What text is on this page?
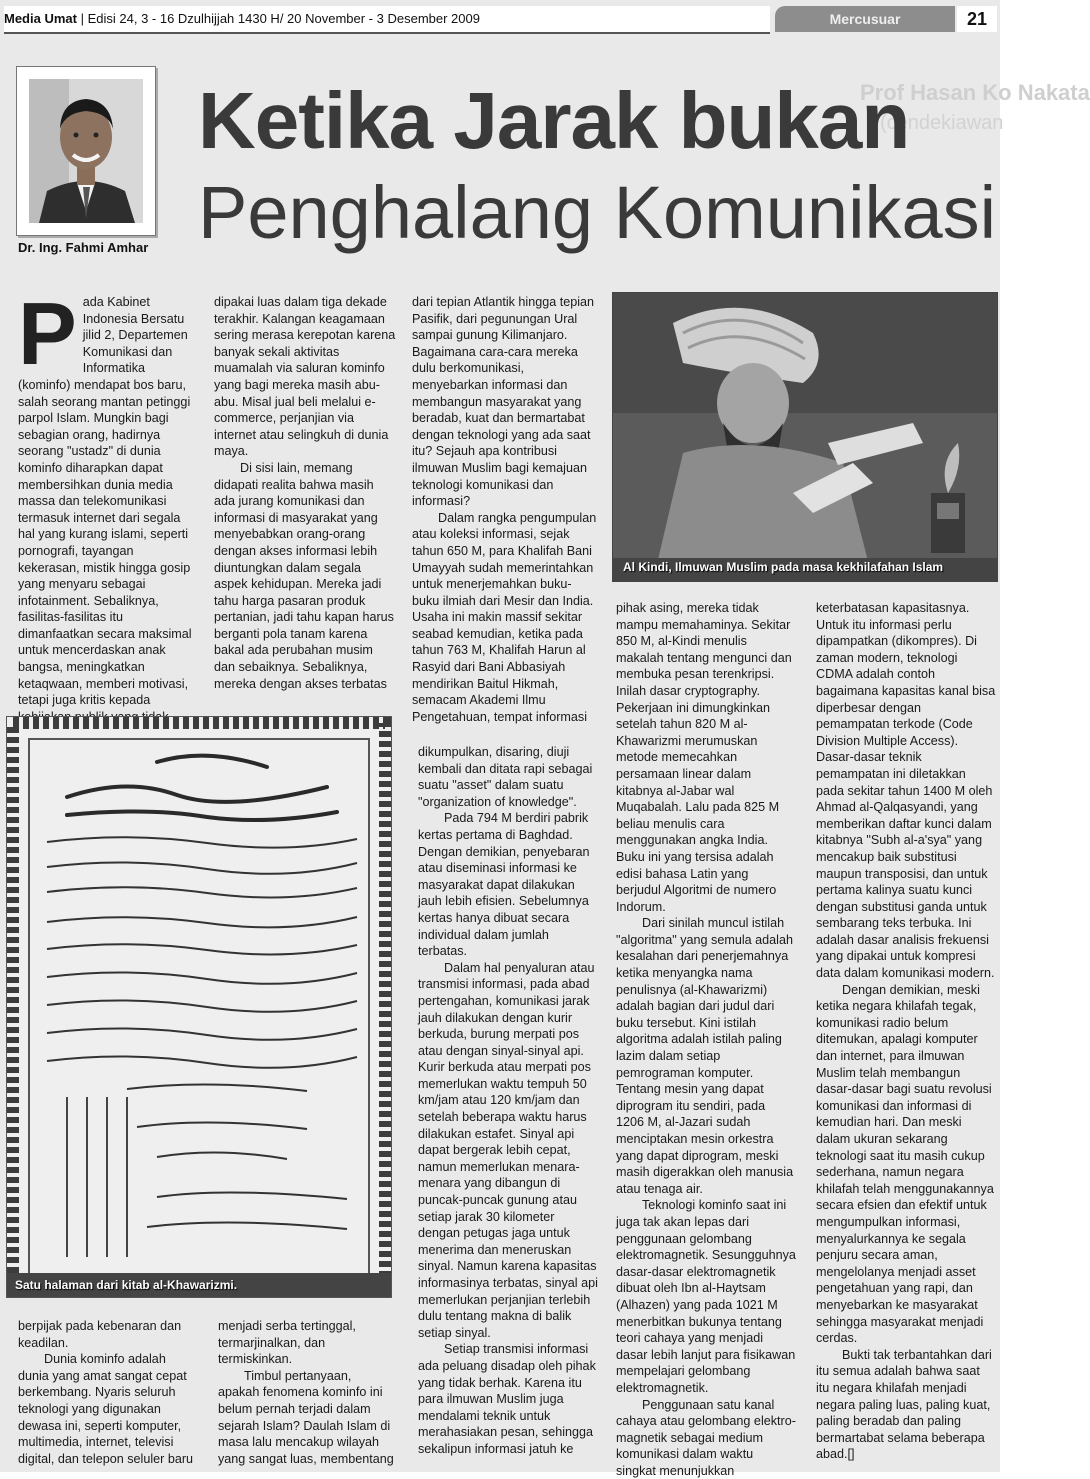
Media Umat | Edisi 24, 3 - 16 Dzulhijjah 1430 H/ 20 November - 3 Desember 2009	Mercusuar	21
Prof Hasan Ko Nakata
(cendekiawan
Dr. Ing. Fahmi Amhar
Ketika Jarak bukan
Penghalang Komunikasi
P ada Kabinet Indonesia Bersatu jilid 2, Departemen Komunikasi dan Informatika (kominfo) mendapat bos baru, salah seorang mantan petinggi parpol Islam. Mungkin bagi sebagian orang, hadirnya seorang "ustadz" di dunia kominfo diharapkan dapat membersihkan dunia media massa dan telekomunikasi termasuk internet dari segala hal yang kurang islami, seperti pornografi, tayangan kekerasan, mistik hingga gosip yang menyaru sebagai infotainment. Sebaliknya, fasilitas-fasilitas itu dimanfaatkan secara maksimal untuk mencerdaskan anak bangsa, meningkatkan ketaqwaan, memberi motivasi, tetapi juga kritis kepada

dipakai luas dalam tiga dekade terakhir. Kalangan keagamaan sering merasa kerepotan karena banyak sekali aktivitas muamalah via saluran kominfo yang bagi mereka masih abu-abu. Misal jual beli melalui e-commerce, perjanjian via internet atau selingkuh di dunia maya.

Di sisi lain, memang didapati realita bahwa masih ada jurang komunikasi dan informasi di masyarakat yang menyebabkan orang-orang dengan akses informasi lebih diuntungkan dalam segala aspek kehidupan. Mereka jadi tahu harga pasaran produk pertanian, jadi tahu kapan harus berganti pola tanam karena bakal ada perubahan musim dan sebaiknya. Sebaliknya, mereka dengan akses terbatas

dari tepian Atlantik hingga tepian Pasifik, dari pegunungan Ural sampai gunung Kilimanjaro. Bagaimana cara-cara mereka dulu berkomunikasi, menyebarkan informasi dan membangun masyarakat yang beradab, kuat dan bermartabat dengan teknologi yang ada saat itu? Sejauh apa kontribusi ilmuwan Muslim bagi kemajuan teknologi komunikasi dan informasi?

Dalam rangka pengumpulan atau koleksi informasi, sejak tahun 650 M, para Khalifah Bani Umayyah sudah memerintahkan untuk menerjemahkan buku-buku ilmiah dari Mesir dan India. Usaha ini makin massif sekitar seabad kemudian, ketika pada tahun 763 M, Khalifah Harun al Rasyid dari Bani Abbasiyah mendirikan Baitul Hikmah, semacam Akademi Ilmu Pengetahuan, tempat informasi

Al Kindi, Ilmuwan Muslim pada masa kekhilafahan Islam
Satu halaman dari kitab al-Khawarizmi.

berpijak pada kebenaran dan keadilan.

Dunia kominfo adalah dunia yang amat sangat cepat berkembang. Nyaris seluruh teknologi yang digunakan dewasa ini, seperti komputer, multimedia, internet, televisi digital, dan telepon seluler baru

menjadi serba tertinggal, termarjinalkan, dan termiskinkan.

Timbul pertanyaan, apakah fenomena kominfo ini belum pernah terjadi dalam sejarah Islam? Daulah Islam di masa lalu mencakup wilayah yang sangat luas, membentang

dikumpulkan, disaring, diuji kembali dan ditata rapi sebagai suatu "asset" dalam suatu "organization of knowledge".

Pada 794 M berdiri pabrik kertas pertama di Baghdad. Dengan demikian, penyebaran atau diseminasi informasi ke masyarakat dapat dilakukan jauh lebih efisien. Sebelumnya kertas hanya dibuat secara individual dalam jumlah terbatas.

Dalam hal penyaluran atau transmisi informasi, pada abad pertengahan, komunikasi jarak jauh dilakukan dengan kurir berkuda, burung merpati pos atau dengan sinyal-sinyal api. Kurir berkuda atau merpati pos memerlukan waktu tempuh 50 km/jam atau 120 km/jam dan setelah beberapa waktu harus dilakukan estafet. Sinyal api dapat bergerak lebih cepat, namun memerlukan menara-menara yang dibangun di puncak-puncak gunung atau setiap jarak 30 kilometer dengan petugas jaga untuk menerima dan meneruskan sinyal. Namun karena kapasitas informasinya terbatas, sinyal api memerlukan perjanjian terlebih dulu tentang makna di balik setiap sinyal.

Setiap transmisi informasi ada peluang disadap oleh pihak yang tidak berhak. Karena itu para ilmuwan Muslim juga mendalami teknik untuk merahasiakan pesan, sehingga sekalipun informasi jatuh ke

pihak asing, mereka tidak mampu memahaminya. Sekitar 850 M, al-Kindi menulis makalah tentang mengunci dan membuka pesan terenkripsi. Inilah dasar cryptography. Pekerjaan ini dimungkinkan setelah tahun 820 M al-Khawarizmi merumuskan metode memecahkan persamaan linear dalam kitabnya al-Jabar wal Muqabalah. Lalu pada 825 M beliau menulis cara menggunakan angka India. Buku ini yang tersisa adalah edisi bahasa Latin yang berjudul Algoritmi de numero Indorum.

Dari sinilah muncul istilah "algoritma" yang semula adalah kesalahan dari penerjemahnya ketika menyangka nama penulisnya (al-Khawarizmi) adalah bagian dari judul dari buku tersebut. Kini istilah algoritma adalah istilah paling lazim dalam setiap pemrograman komputer. Tentang mesin yang dapat diprogram itu sendiri, pada 1206 M, al-Jazari sudah menciptakan mesin orkestra yang dapat diprogram, meski masih digerakkan oleh manusia atau tenaga air.

Teknologi kominfo saat ini juga tak akan lepas dari penggunaan gelombang elektromagnetik. Sesungguhnya dasar-dasar elektromagnetik dibuat oleh Ibn al-Haytsam (Alhazen) yang pada 1021 M menerbitkan bukunya tentang teori cahaya yang menjadi dasar lebih lanjut para fisikawan mempelajari gelombang elektromagnetik.

Penggunaan satu kanal cahaya atau gelombang elektro-magnetik sebagai medium komunikasi dalam waktu singkat menunjukkan

keterbatasan kapasitasnya. Untuk itu informasi perlu dipampatkan (dikompres). Di zaman modern, teknologi CDMA adalah contoh bagaimana kapasitas kanal bisa diperbesar dengan pemampatan terkode (Code Division Multiple Access). Dasar-dasar teknik pemampatan ini diletakkan pada sekitar tahun 1400 M oleh Ahmad al-Qalqasyandi, yang memberikan daftar kunci dalam kitabnya "Subh al-a'sya" yang mencakup baik substitusi maupun transposisi, dan untuk pertama kalinya suatu kunci dengan substitusi ganda untuk sembarang teks terbuka. Ini adalah dasar analisis frekuensi yang dipakai untuk kompresi data dalam komunikasi modern.

Dengan demikian, meski ketika negara khilafah tegak, komunikasi radio belum ditemukan, apalagi komputer dan internet, para ilmuwan Muslim telah membangun dasar-dasar bagi suatu revolusi komunikasi dan informasi di kemudian hari. Dan meski dalam ukuran sekarang teknologi saat itu masih cukup sederhana, namun negara khilafah telah menggunakannya secara efsien dan efektif untuk mengumpulkan informasi, menyalurkannya ke segala penjuru secara aman, mengelolanya menjadi asset pengetahuan yang rapi, dan menyebarkan ke masyarakat sehingga masyarakat menjadi cerdas.

Bukti tak terbantahkan dari itu semua adalah bahwa saat itu negara khilafah menjadi negara paling luas, paling kuat, paling beradab dan paling bermartabat selama beberapa abad.[]
